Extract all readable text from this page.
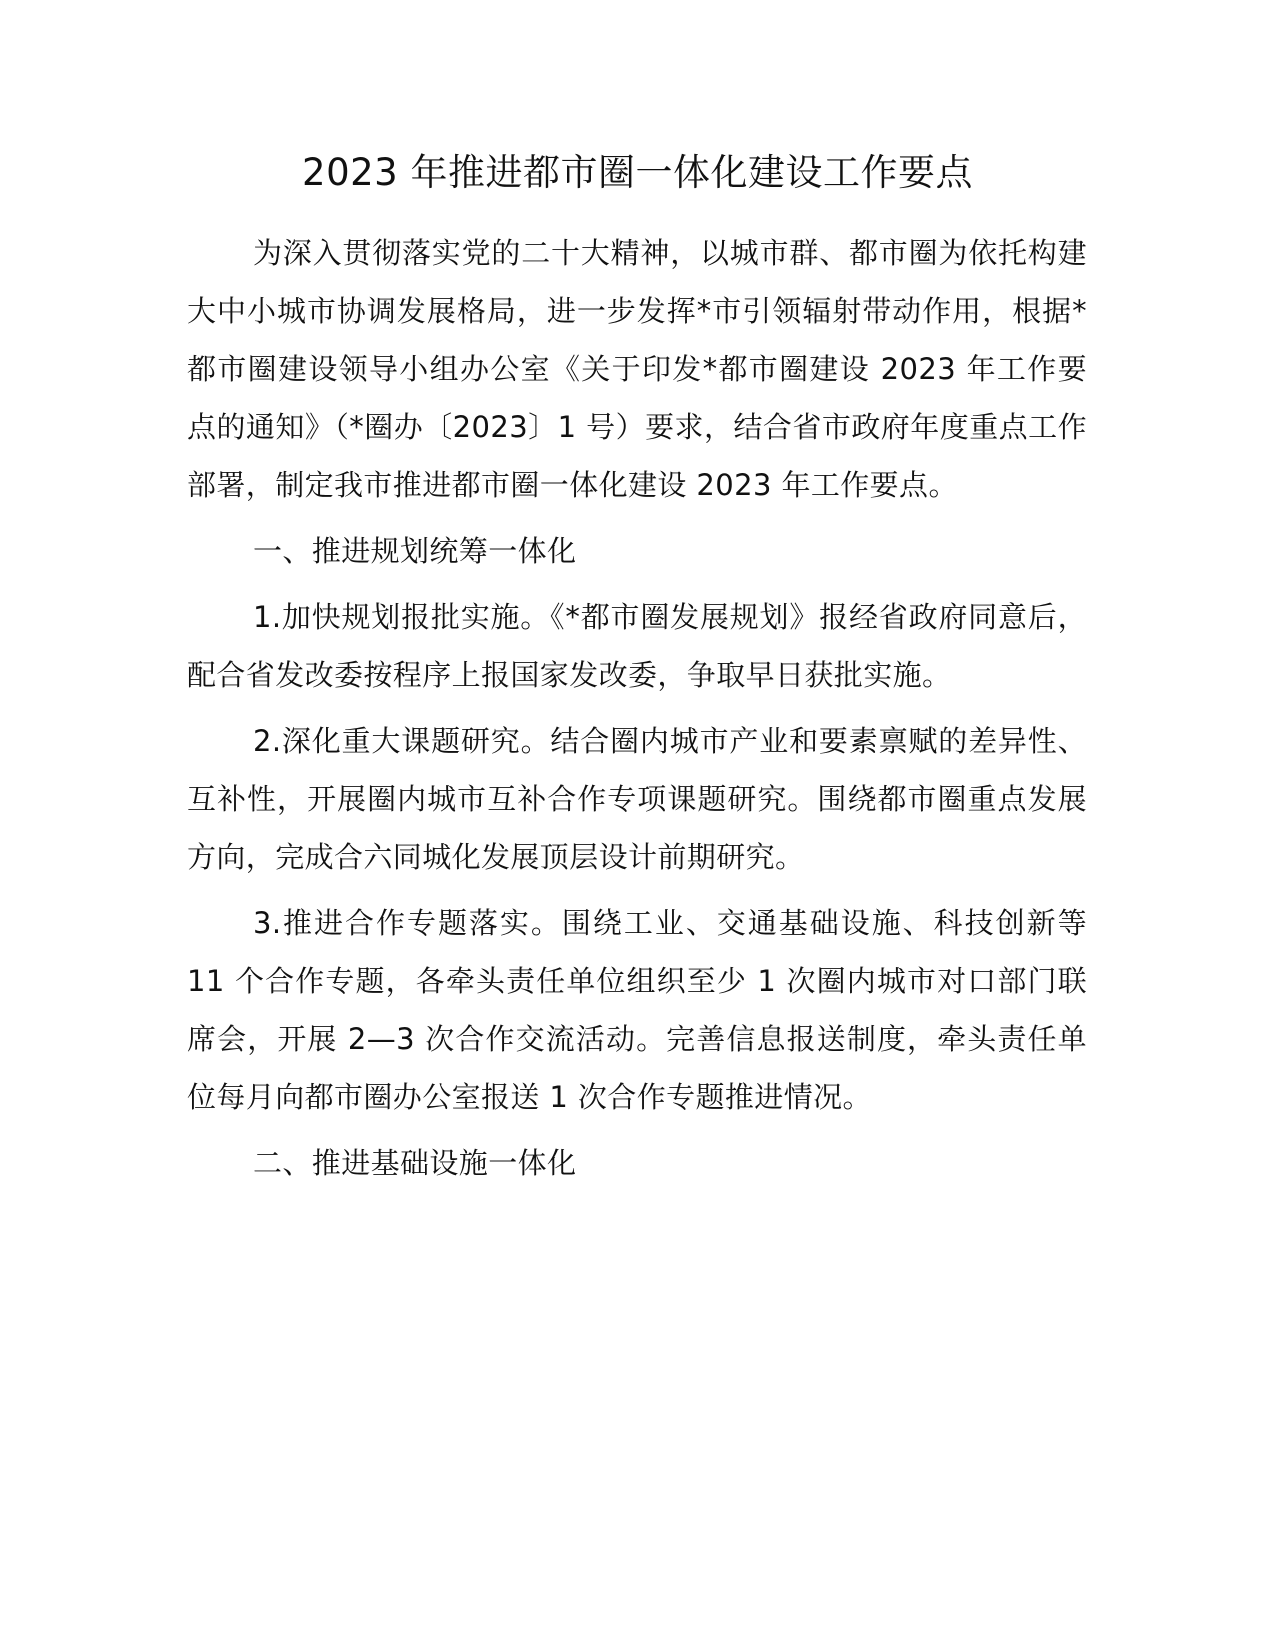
2023 年推进都市圈一体化建设工作要点

为深入贯彻落实党的二十大精神，以城市群、都市圈为依托构建大中小城市协调发展格局，进一步发挥*市引领辐射带动作用，根据*都市圈建设领导小组办公室《关于印发*都市圈建设 2023 年工作要点的通知》（*圈办〔2023〕1 号）要求，结合省市政府年度重点工作部署，制定我市推进都市圈一体化建设 2023 年工作要点。

一、推进规划统筹一体化

1.加快规划报批实施。《*都市圈发展规划》报经省政府同意后，配合省发改委按程序上报国家发改委，争取早日获批实施。

2.深化重大课题研究。结合圈内城市产业和要素禀赋的差异性、互补性，开展圈内城市互补合作专项课题研究。围绕都市圈重点发展方向，完成合六同城化发展顶层设计前期研究。

3.推进合作专题落实。围绕工业、交通基础设施、科技创新等 11 个合作专题，各牵头责任单位组织至少 1 次圈内城市对口部门联席会，开展 2—3 次合作交流活动。完善信息报送制度，牵头责任单位每月向都市圈办公室报送 1 次合作专题推进情况。

二、推进基础设施一体化
